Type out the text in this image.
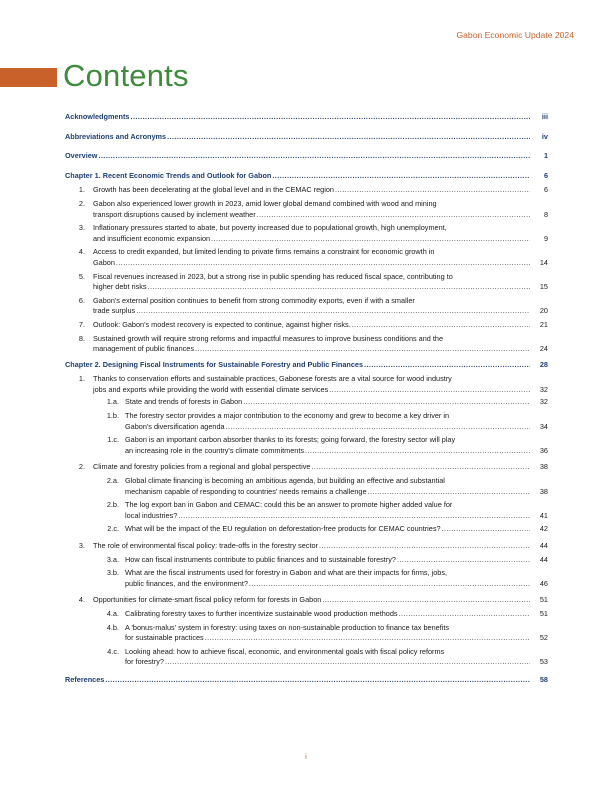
Gabon Economic Update 2024
Contents
Acknowledgments .....	iii
Abbreviations and Acronyms .....	iv
Overview .....	1
Chapter 1. Recent Economic Trends and Outlook for Gabon .....	6
1. Growth has been decelerating at the global level and in the CEMAC region .....	6
2. Gabon also experienced lower growth in 2023, amid lower global demand combined with wood and mining
transport disruptions caused by inclement weather .....	8
3. Inflationary pressures started to abate, but poverty increased due to populational growth, high unemployment,
and insufficient economic expansion .....	9
4. Access to credit expanded, but limited lending to private firms remains a constraint for economic growth in
Gabon .....	14
5. Fiscal revenues increased in 2023, but a strong rise in public spending has reduced fiscal space, contributing to
higher debt risks .....	15
6. Gabon's external position continues to benefit from strong commodity exports, even if with a smaller
trade surplus .....	20
7. Outlook: Gabon's modest recovery is expected to continue, against higher risks. .....	21
8. Sustained growth will require strong reforms and impactful measures to improve business conditions and the
management of public finances .....	24
Chapter 2. Designing Fiscal Instruments for Sustainable Forestry and Public Finances .....	28
1. Thanks to conservation efforts and sustainable practices, Gabonese forests are a vital source for wood industry
jobs and exports while providing the world with essential climate services .....	32
1.a. State and trends of forests in Gabon .....	32
1.b. The forestry sector provides a major contribution to the economy and grew to become a key driver in
Gabon's diversification agenda .....	34
1.c. Gabon is an important carbon absorber thanks to its forests; going forward, the forestry sector will play
an increasing role in the country's climate commitments .....	36
2. Climate and forestry policies from a regional and global perspective .....	38
2.a. Global climate financing is becoming an ambitious agenda, but building an effective and substantial
mechanism capable of responding to countries' needs remains a challenge .....	38
2.b. The log export ban in Gabon and CEMAC: could this be an answer to promote higher added value for
local industries? .....	41
2.c. What will be the impact of the EU regulation on deforestation-free products for CEMAC countries? .....	42
3. The role of environmental fiscal policy: trade-offs in the forestry sector .....	44
3.a. How can fiscal instruments contribute to public finances and to sustainable forestry? .....	44
3.b. What are the fiscal instruments used for forestry in Gabon and what are their impacts for firms, jobs,
public finances, and the environment? .....	46
4. Opportunities for climate-smart fiscal policy reform for forests in Gabon .....	51
4.a. Calibrating forestry taxes to further incentivize sustainable wood production methods .....	51
4.b. A 'bonus-malus' system in forestry: using taxes on non-sustainable production to finance tax benefits
for sustainable practices .....	52
4.c. Looking ahead: how to achieve fiscal, economic, and environmental goals with fiscal policy reforms
for forestry? .....	53
References .....	58
i
